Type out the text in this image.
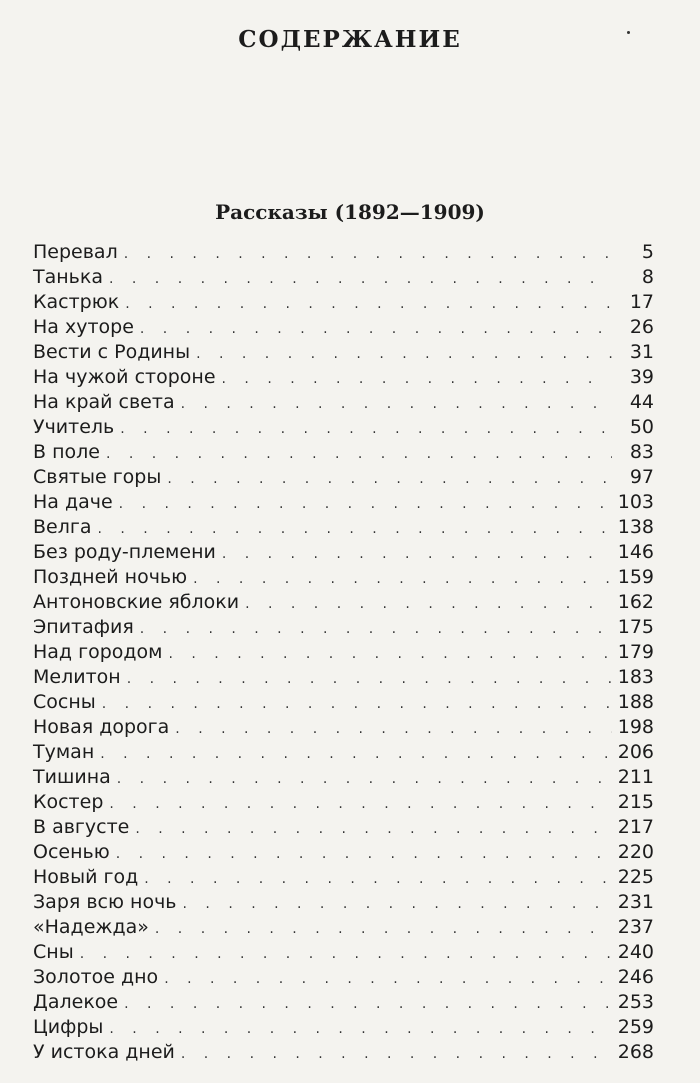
СОДЕРЖАНИЕ
Рассказы (1892—1909)
Перевал . . .	5
Танька . . .	8
Кастрюк . . .	17
На хуторе . . .	26
Вести с Родины . . .	31
На чужой стороне . . .	39
На край света . . .	44
Учитель . . .	50
В поле . . .	83
Святые горы . . .	97
На даче . . .	103
Велга . . .	138
Без роду-племени . . .	146
Поздней ночью . . .	159
Антоновские яблоки . . .	162
Эпитафия . . .	175
Над городом . . .	179
Мелитон . . .	183
Сосны . . .	188
Новая дорога . . .	198
Туман . . .	206
Тишина . . .	211
Костер . . .	215
В августе . . .	217
Осенью . . .	220
Новый год . . .	225
Заря всю ночь . . .	231
«Надежда» . . .	237
Сны . . .	240
Золотое дно . . .	246
Далекое . . .	253
Цифры . . .	259
У истока дней . . .	268
